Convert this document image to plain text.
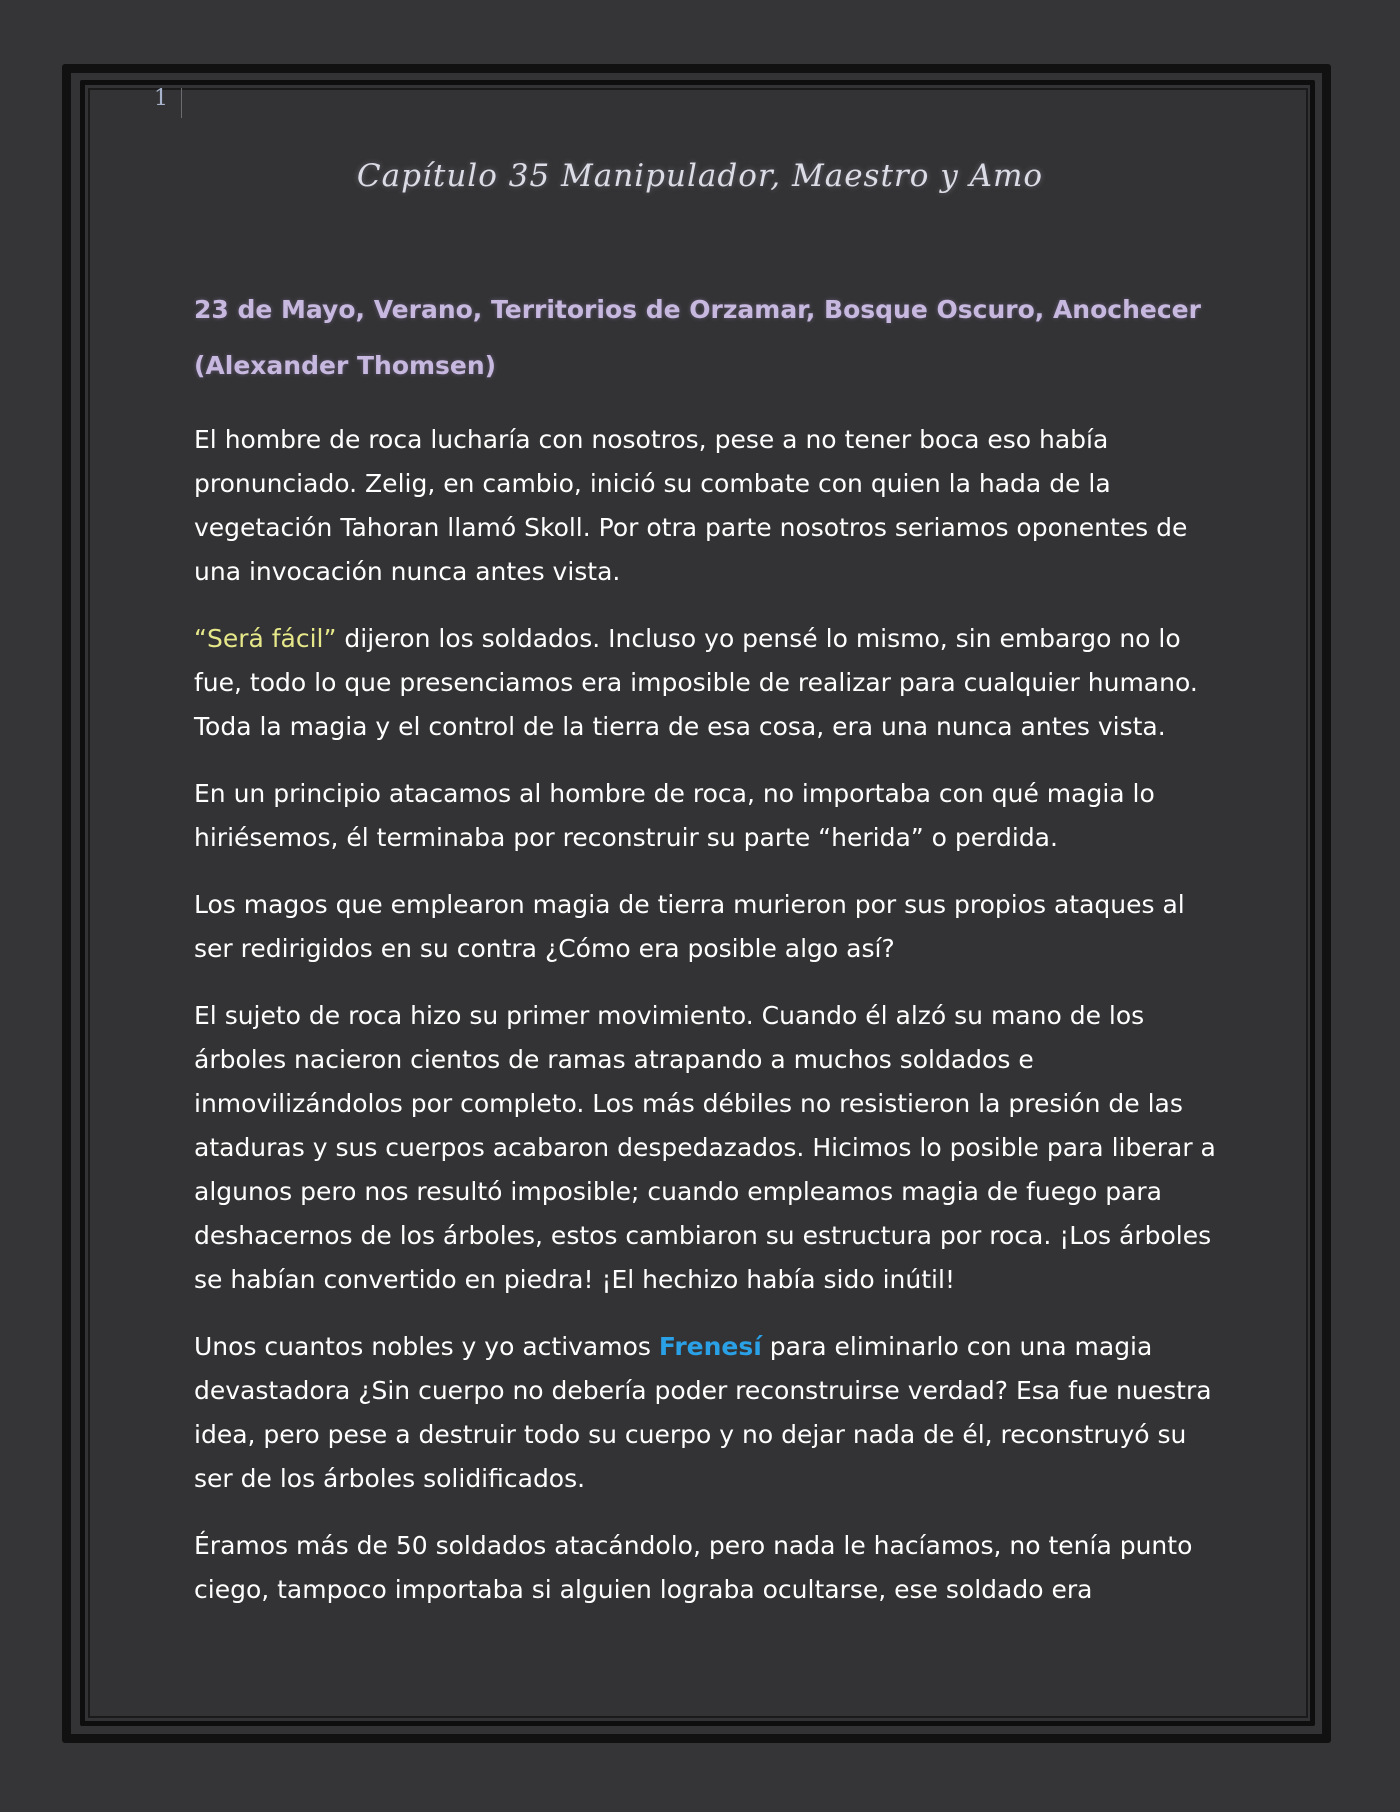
1
Capítulo 35 Manipulador, Maestro y Amo
23 de Mayo, Verano, Territorios de Orzamar, Bosque Oscuro, Anochecer
(Alexander Thomsen)

El hombre de roca lucharía con nosotros, pese a no tener boca eso había pronunciado. Zelig, en cambio, inició su combate con quien la hada de la vegetación Tahoran llamó Skoll. Por otra parte nosotros seriamos oponentes de una invocación nunca antes vista.

“Será fácil” dijeron los soldados. Incluso yo pensé lo mismo, sin embargo no lo fue, todo lo que presenciamos era imposible de realizar para cualquier humano. Toda la magia y el control de la tierra de esa cosa, era una nunca antes vista.

En un principio atacamos al hombre de roca, no importaba con qué magia lo hiriésemos, él terminaba por reconstruir su parte “herida” o perdida.

Los magos que emplearon magia de tierra murieron por sus propios ataques al ser redirigidos en su contra ¿Cómo era posible algo así?

El sujeto de roca hizo su primer movimiento. Cuando él alzó su mano de los árboles nacieron cientos de ramas atrapando a muchos soldados e inmovilizándolos por completo. Los más débiles no resistieron la presión de las ataduras y sus cuerpos acabaron despedazados. Hicimos lo posible para liberar a algunos pero nos resultó imposible; cuando empleamos magia de fuego para deshacernos de los árboles, estos cambiaron su estructura por roca. ¡Los árboles se habían convertido en piedra! ¡El hechizo había sido inútil!

Unos cuantos nobles y yo activamos Frenesí para eliminarlo con una magia devastadora ¿Sin cuerpo no debería poder reconstruirse verdad? Esa fue nuestra idea, pero pese a destruir todo su cuerpo y no dejar nada de él, reconstruyó su ser de los árboles solidificados.

Éramos más de 50 soldados atacándolo, pero nada le hacíamos, no tenía punto ciego, tampoco importaba si alguien lograba ocultarse, ese soldado era
